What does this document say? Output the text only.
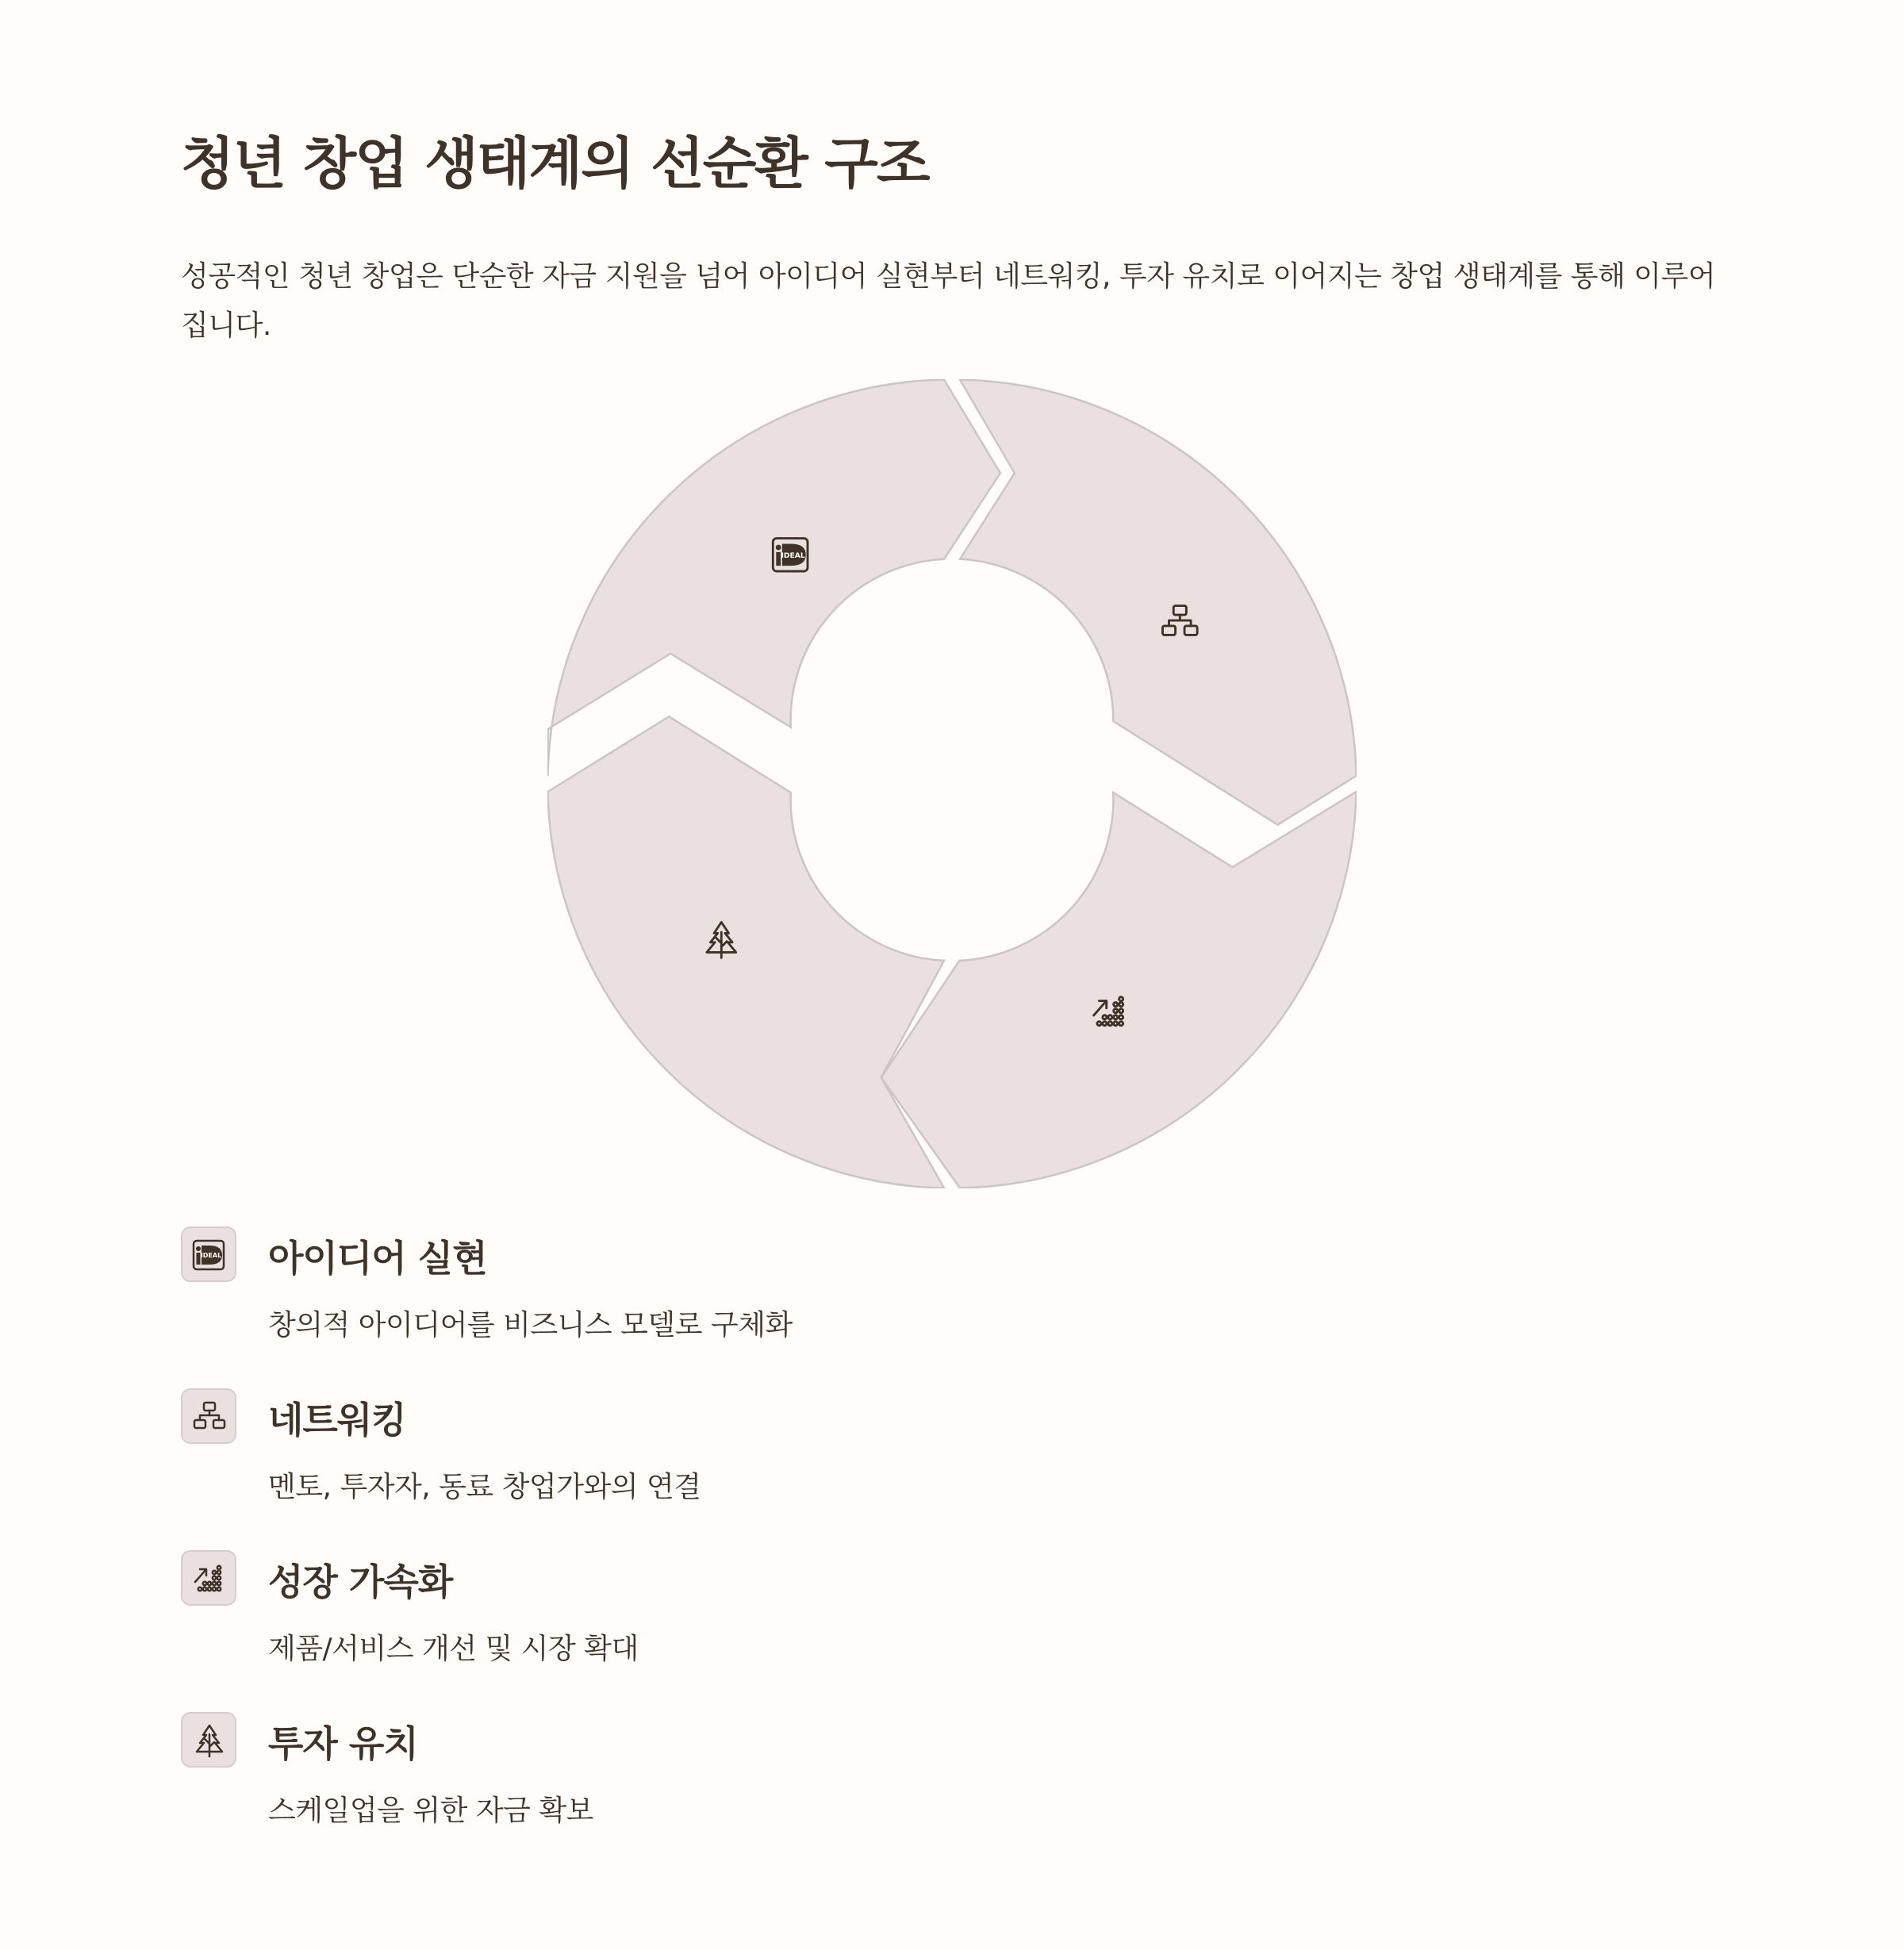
청년 창업 생태계의 선순환 구조

성공적인 청년 창업은 단순한 자금 지원을 넘어 아이디어 실현부터 네트워킹, 투자 유치로 이어지는 창업 생태계를 통해 이루어집니다.

IDEAL
아이디어 실현
창의적 아이디어를 비즈니스 모델로 구체화
네트워킹
멘토, 투자자, 동료 창업가와의 연결
성장 가속화
제품/서비스 개선 및 시장 확대
투자 유치
스케일업을 위한 자금 확보
